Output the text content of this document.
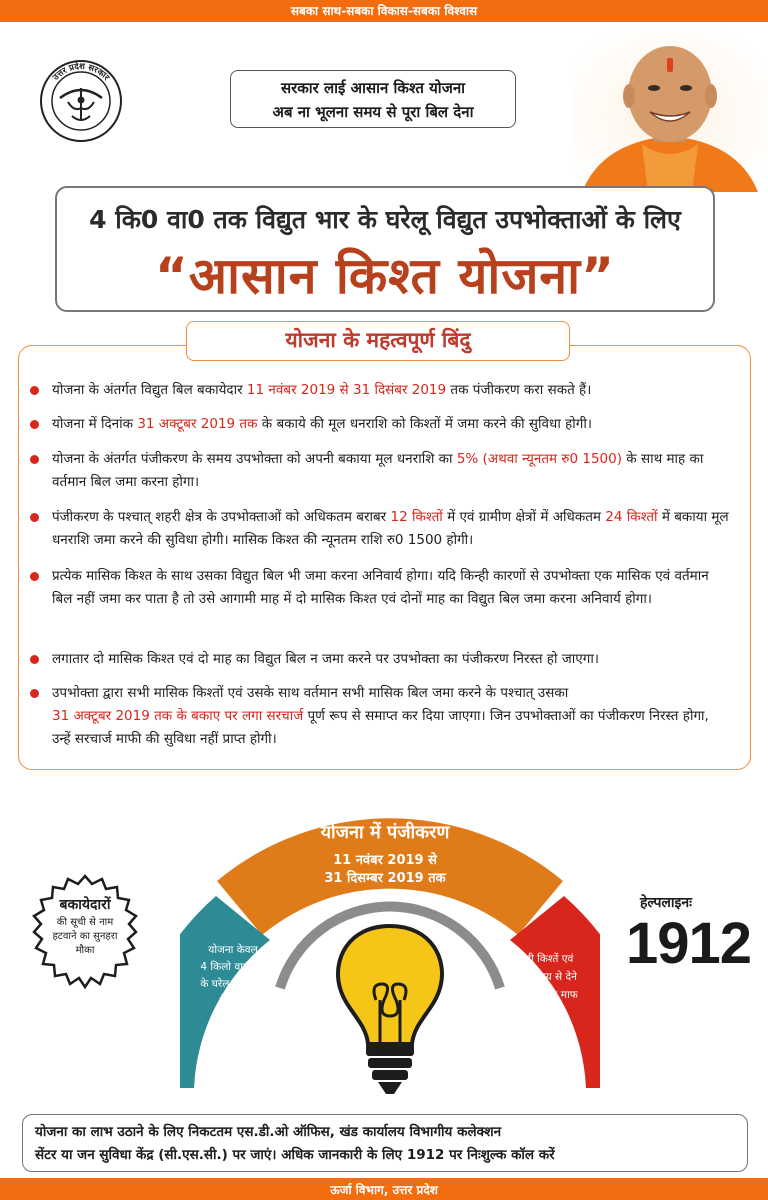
सबका साथ-सबका विकास-सबका विश्वास
उत्तर प्रदेश सरकार
सरकार लाई आसान किश्त योजना
अब ना भूलना समय से पूरा बिल देना
4 कि0 वा0 तक विद्युत भार के घरेलू विद्युत उपभोक्ताओं के लिए
“आसान किश्त योजना”
योजना के महत्वपूर्ण बिंदु
योजना के अंतर्गत विद्युत बिल बकायेदार 11 नवंबर 2019 से 31 दिसंबर 2019 तक पंजीकरण करा सकते हैं।
योजना में दिनांक 31 अक्टूबर 2019 तक के बकाये की मूल धनराशि को किश्तों में जमा करने की सुविधा होगी।
योजना के अंतर्गत पंजीकरण के समय उपभोक्ता को अपनी बकाया मूल धनराशि का 5% (अथवा न्यूनतम रु0 1500) के साथ माह का वर्तमान बिल जमा करना होगा।
पंजीकरण के पश्चात् शहरी क्षेत्र के उपभोक्ताओं को अधिकतम बराबर 12 किश्तों में एवं ग्रामीण क्षेत्रों में अधिकतम 24 किश्तों में बकाया मूल धनराशि जमा करने की सुविधा होगी। मासिक किश्त की न्यूनतम राशि रु0 1500 होगी।
प्रत्येक मासिक किश्त के साथ उसका विद्युत बिल भी जमा करना अनिवार्य होगा। यदि किन्ही कारणों से उपभोक्ता एक मासिक एवं वर्तमान बिल नहीं जमा कर पाता है तो उसे आगामी माह में दो मासिक किश्त एवं दोनों माह का विद्युत बिल जमा करना अनिवार्य होगा।
लगातार दो मासिक किश्त एवं दो माह का विद्युत बिल न जमा करने पर उपभोक्ता का पंजीकरण निरस्त हो जाएगा।
उपभोक्ता द्वारा सभी मासिक किश्तों एवं उसके साथ वर्तमान सभी मासिक बिल जमा करने के पश्चात् उसका 31 अक्टूबर 2019 तक के बकाए पर लगा सरचार्ज पूर्ण रूप से समाप्त कर दिया जाएगा। जिन उपभोक्ताओं का पंजीकरण निरस्त होगा, उन्हें सरचार्ज माफी की सुविधा नहीं प्राप्त होगी।
योजना में पंजीकरण
11 नवंबर 2019 से
31 दिसम्बर 2019 तक
योजना केवल
4 किलो वाट तक
के घरेलू कनेक्शन
के लिए
सभी किश्तें एवं
बिल समय से देने
पर ही ब्याज माफ
बकायेदारों
की सूची से नाम
हटवाने का सुनहरा
मौका
हेल्पलाइनः
1912
योजना का लाभ उठाने के लिए निकटतम एस.डी.ओ ऑफिस, खंड कार्यालय विभागीय कलेक्शन
सेंटर या जन सुविधा केंद्र (सी.एस.सी.) पर जाएं। अधिक जानकारी के लिए 1912 पर निःशुल्क कॉल करें
ऊर्जा विभाग, उत्तर प्रदेश
